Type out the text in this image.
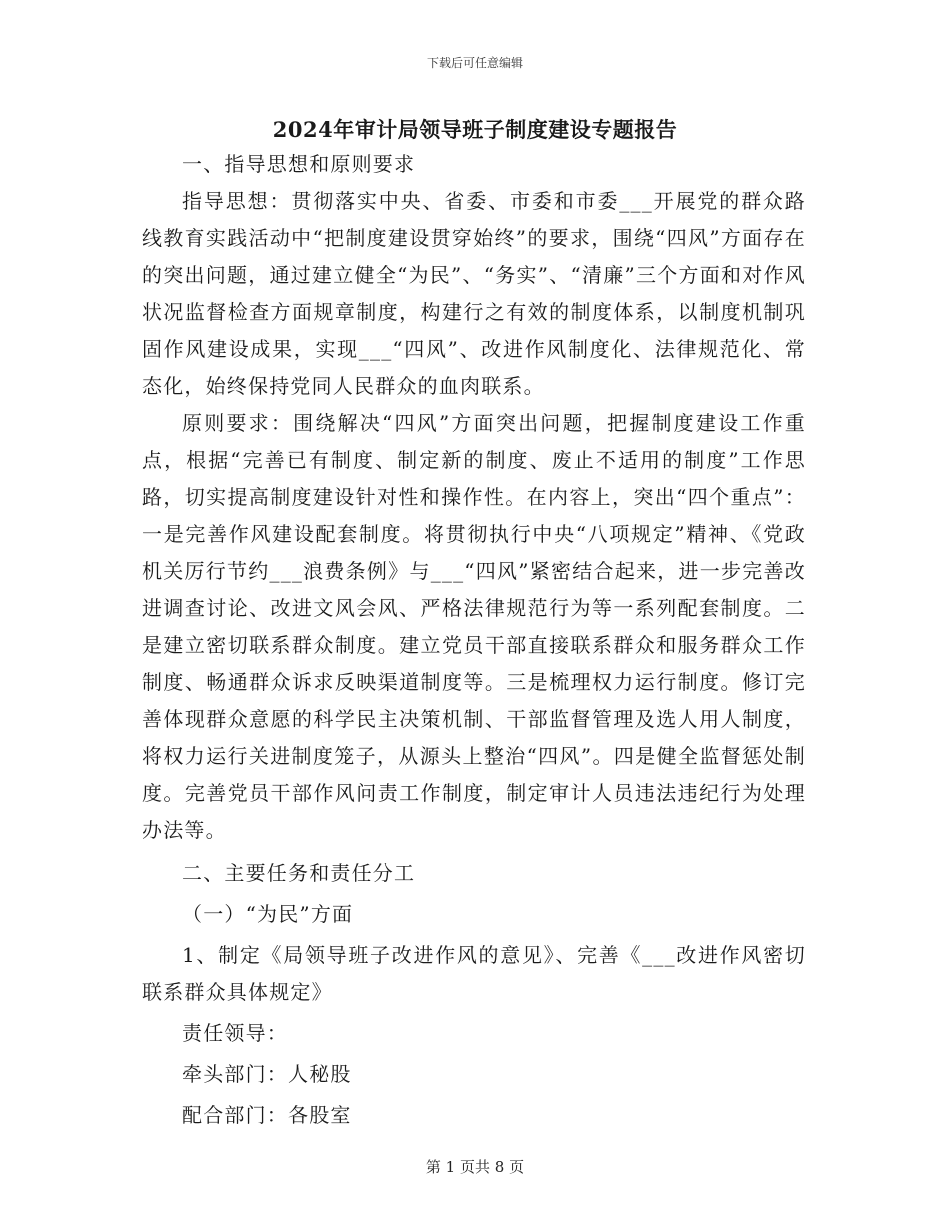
下载后可任意编辑
2024年审计局领导班子制度建设专题报告

一、指导思想和原则要求

指导思想：贯彻落实中央、省委、市委和市委___开展党的群众路线教育实践活动中“把制度建设贯穿始终”的要求，围绕“四风”方面存在的突出问题，通过建立健全“为民”、“务实”、“清廉”三个方面和对作风状况监督检查方面规章制度，构建行之有效的制度体系，以制度机制巩固作风建设成果，实现___“四风”、改进作风制度化、法律规范化、常态化，始终保持党同人民群众的血肉联系。

原则要求：围绕解决“四风”方面突出问题，把握制度建设工作重点，根据“完善已有制度、制定新的制度、废止不适用的制度”工作思路，切实提高制度建设针对性和操作性。在内容上，突出“四个重点”：一是完善作风建设配套制度。将贯彻执行中央“八项规定”精神、《党政机关厉行节约___浪费条例》与___“四风”紧密结合起来，进一步完善改进调查讨论、改进文风会风、严格法律规范行为等一系列配套制度。二是建立密切联系群众制度。建立党员干部直接联系群众和服务群众工作制度、畅通群众诉求反映渠道制度等。三是梳理权力运行制度。修订完善体现群众意愿的科学民主决策机制、干部监督管理及选人用人制度，将权力运行关进制度笼子，从源头上整治“四风”。四是健全监督惩处制度。完善党员干部作风问责工作制度，制定审计人员违法违纪行为处理办法等。

二、主要任务和责任分工

（一）“为民”方面

1、制定《局领导班子改进作风的意见》、完善《___改进作风密切联系群众具体规定》

责任领导：

牵头部门：人秘股

配合部门：各股室

第 1 页共 8 页
